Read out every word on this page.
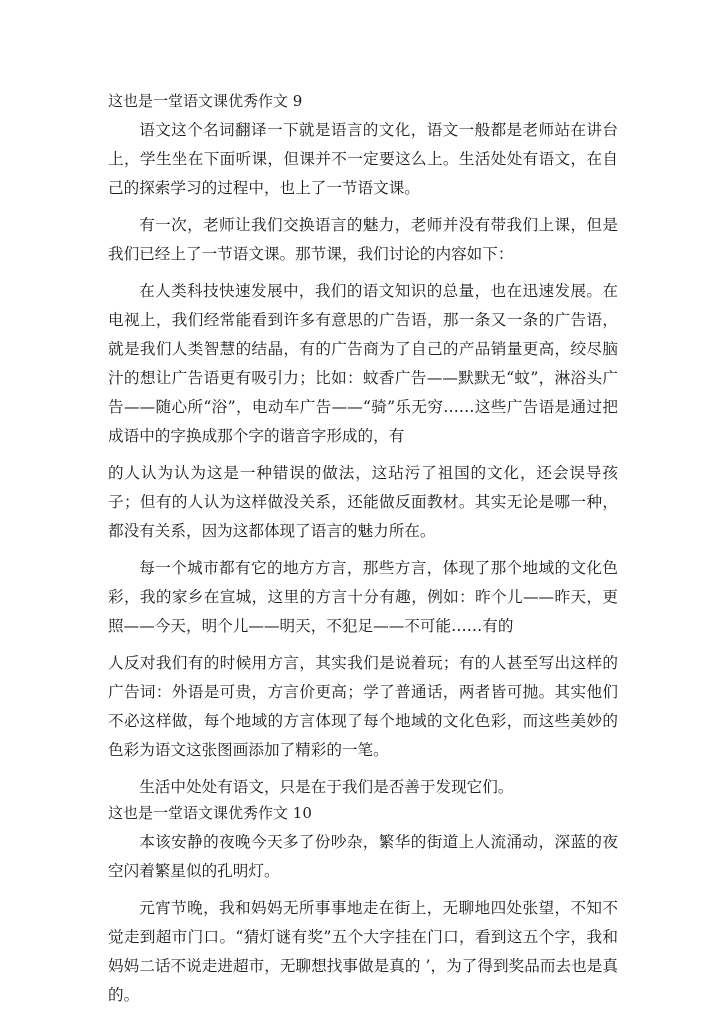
这也是一堂语文课优秀作文 9

语文这个名词翻译一下就是语言的文化，语文一般都是老师站在讲台上，学生坐在下面听课，但课并不一定要这么上。生活处处有语文，在自己的探索学习的过程中，也上了一节语文课。

有一次，老师让我们交换语言的魅力，老师并没有带我们上课，但是我们已经上了一节语文课。那节课，我们讨论的内容如下：

在人类科技快速发展中，我们的语文知识的总量，也在迅速发展。在电视上，我们经常能看到许多有意思的广告语，那一条又一条的广告语，就是我们人类智慧的结晶，有的广告商为了自己的产品销量更高，绞尽脑汁的想让广告语更有吸引力；比如：蚊香广告——默默无“蚊”，淋浴头广告——随心所“浴”，电动车广告——“骑”乐无穷……这些广告语是通过把成语中的字换成那个字的谐音字形成的，有

的人认为认为这是一种错误的做法，这玷污了祖国的文化，还会误导孩子；但有的人认为这样做没关系，还能做反面教材。其实无论是哪一种，都没有关系，因为这都体现了语言的魅力所在。

每一个城市都有它的地方方言，那些方言，体现了那个地域的文化色彩，我的家乡在宣城，这里的方言十分有趣，例如：昨个儿——昨天，更照——今天，明个儿——明天，不犯足——不可能……有的

人反对我们有的时候用方言，其实我们是说着玩；有的人甚至写出这样的广告词：外语是可贵，方言价更高；学了普通话，两者皆可抛。其实他们不必这样做，每个地域的方言体现了每个地域的文化色彩，而这些美妙的色彩为语文这张图画添加了精彩的一笔。

生活中处处有语文，只是在于我们是否善于发现它们。

这也是一堂语文课优秀作文 10

本该安静的夜晚今天多了份吵杂，繁华的街道上人流涌动，深蓝的夜空闪着繁星似的孔明灯。

元宵节晚，我和妈妈无所事事地走在街上，无聊地四处张望，不知不觉走到超市门口。“猜灯谜有奖”五个大字挂在门口，看到这五个字，我和妈妈二话不说走进超市，无聊想找事做是真的 ’，为了得到奖品而去也是真的。
